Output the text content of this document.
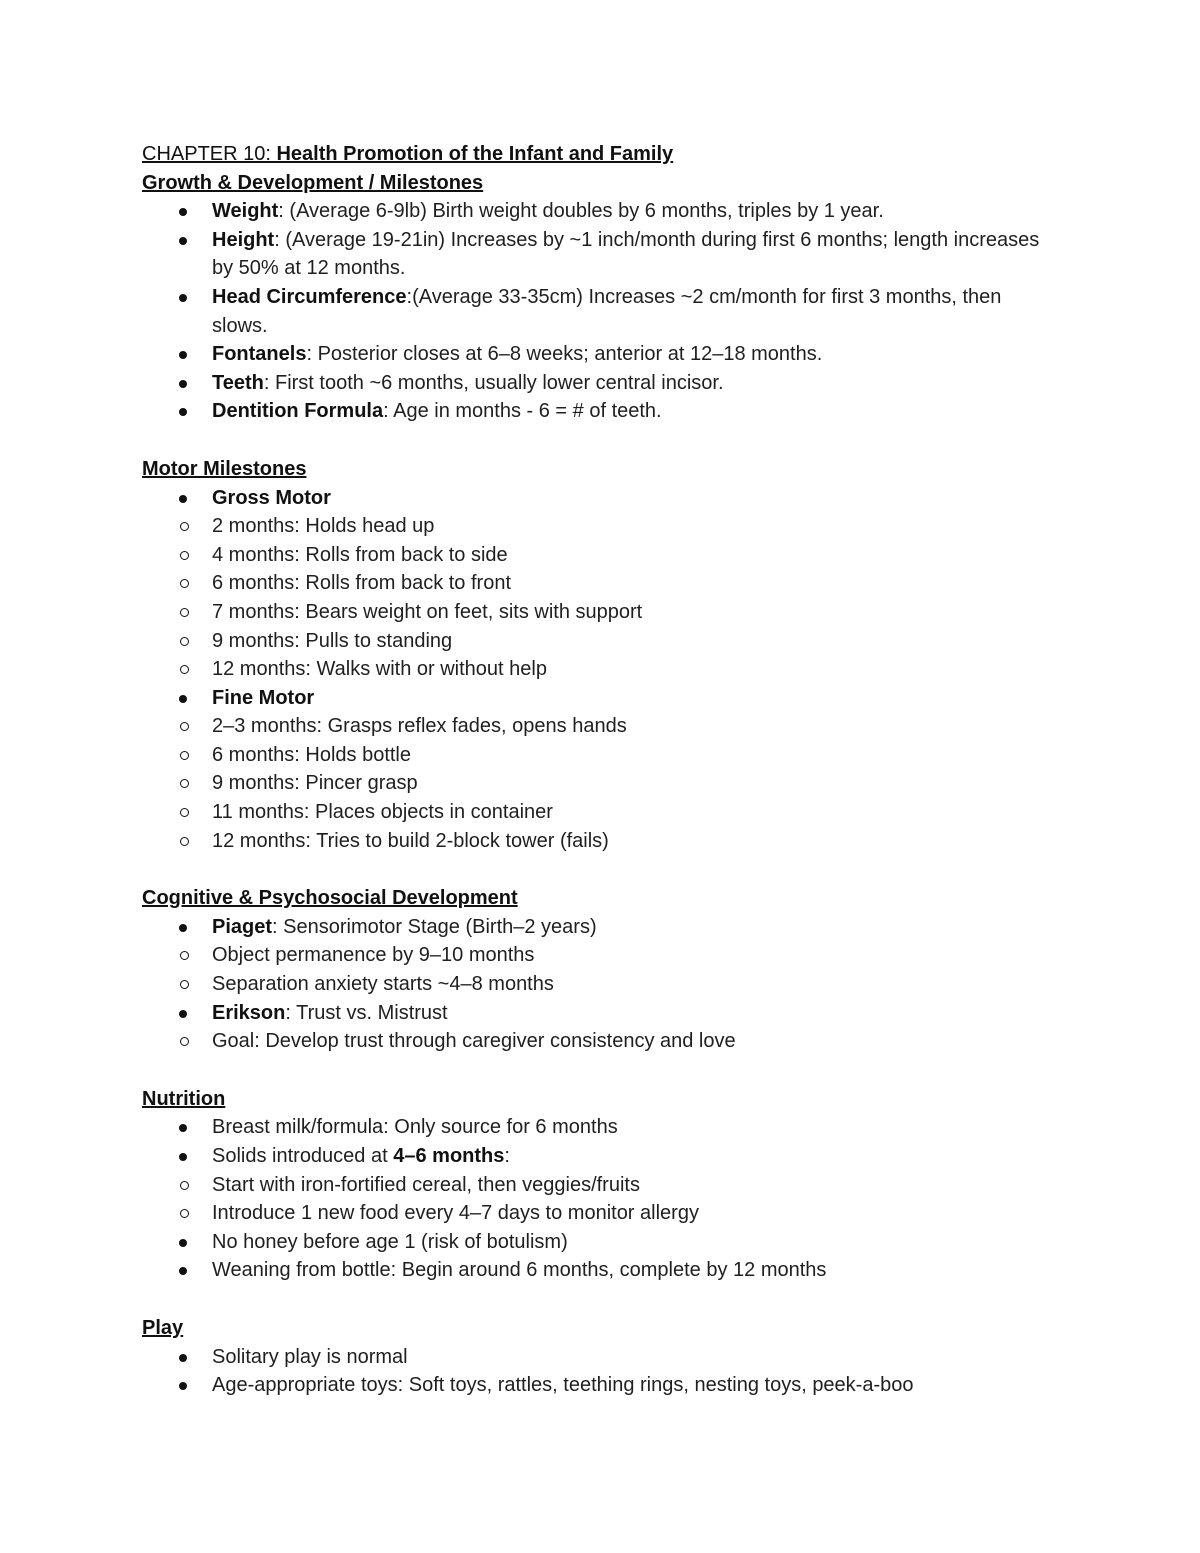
CHAPTER 10: Health Promotion of the Infant and Family
Growth & Development / Milestones
Weight: (Average 6-9lb) Birth weight doubles by 6 months, triples by 1 year.
Height: (Average 19-21in) Increases by ~1 inch/month during first 6 months; length increases by 50% at 12 months.
Head Circumference:(Average 33-35cm) Increases ~2 cm/month for first 3 months, then slows.
Fontanels: Posterior closes at 6–8 weeks; anterior at 12–18 months.
Teeth: First tooth ~6 months, usually lower central incisor.
Dentition Formula: Age in months - 6 = # of teeth.
Motor Milestones
Gross Motor
2 months: Holds head up
4 months: Rolls from back to side
6 months: Rolls from back to front
7 months: Bears weight on feet, sits with support
9 months: Pulls to standing
12 months: Walks with or without help
Fine Motor
2–3 months: Grasps reflex fades, opens hands
6 months: Holds bottle
9 months: Pincer grasp
11 months: Places objects in container
12 months: Tries to build 2-block tower (fails)
Cognitive & Psychosocial Development
Piaget: Sensorimotor Stage (Birth–2 years)
Object permanence by 9–10 months
Separation anxiety starts ~4–8 months
Erikson: Trust vs. Mistrust
Goal: Develop trust through caregiver consistency and love
Nutrition
Breast milk/formula: Only source for 6 months
Solids introduced at 4–6 months:
Start with iron-fortified cereal, then veggies/fruits
Introduce 1 new food every 4–7 days to monitor allergy
No honey before age 1 (risk of botulism)
Weaning from bottle: Begin around 6 months, complete by 12 months
Play
Solitary play is normal
Age-appropriate toys: Soft toys, rattles, teething rings, nesting toys, peek-a-boo
